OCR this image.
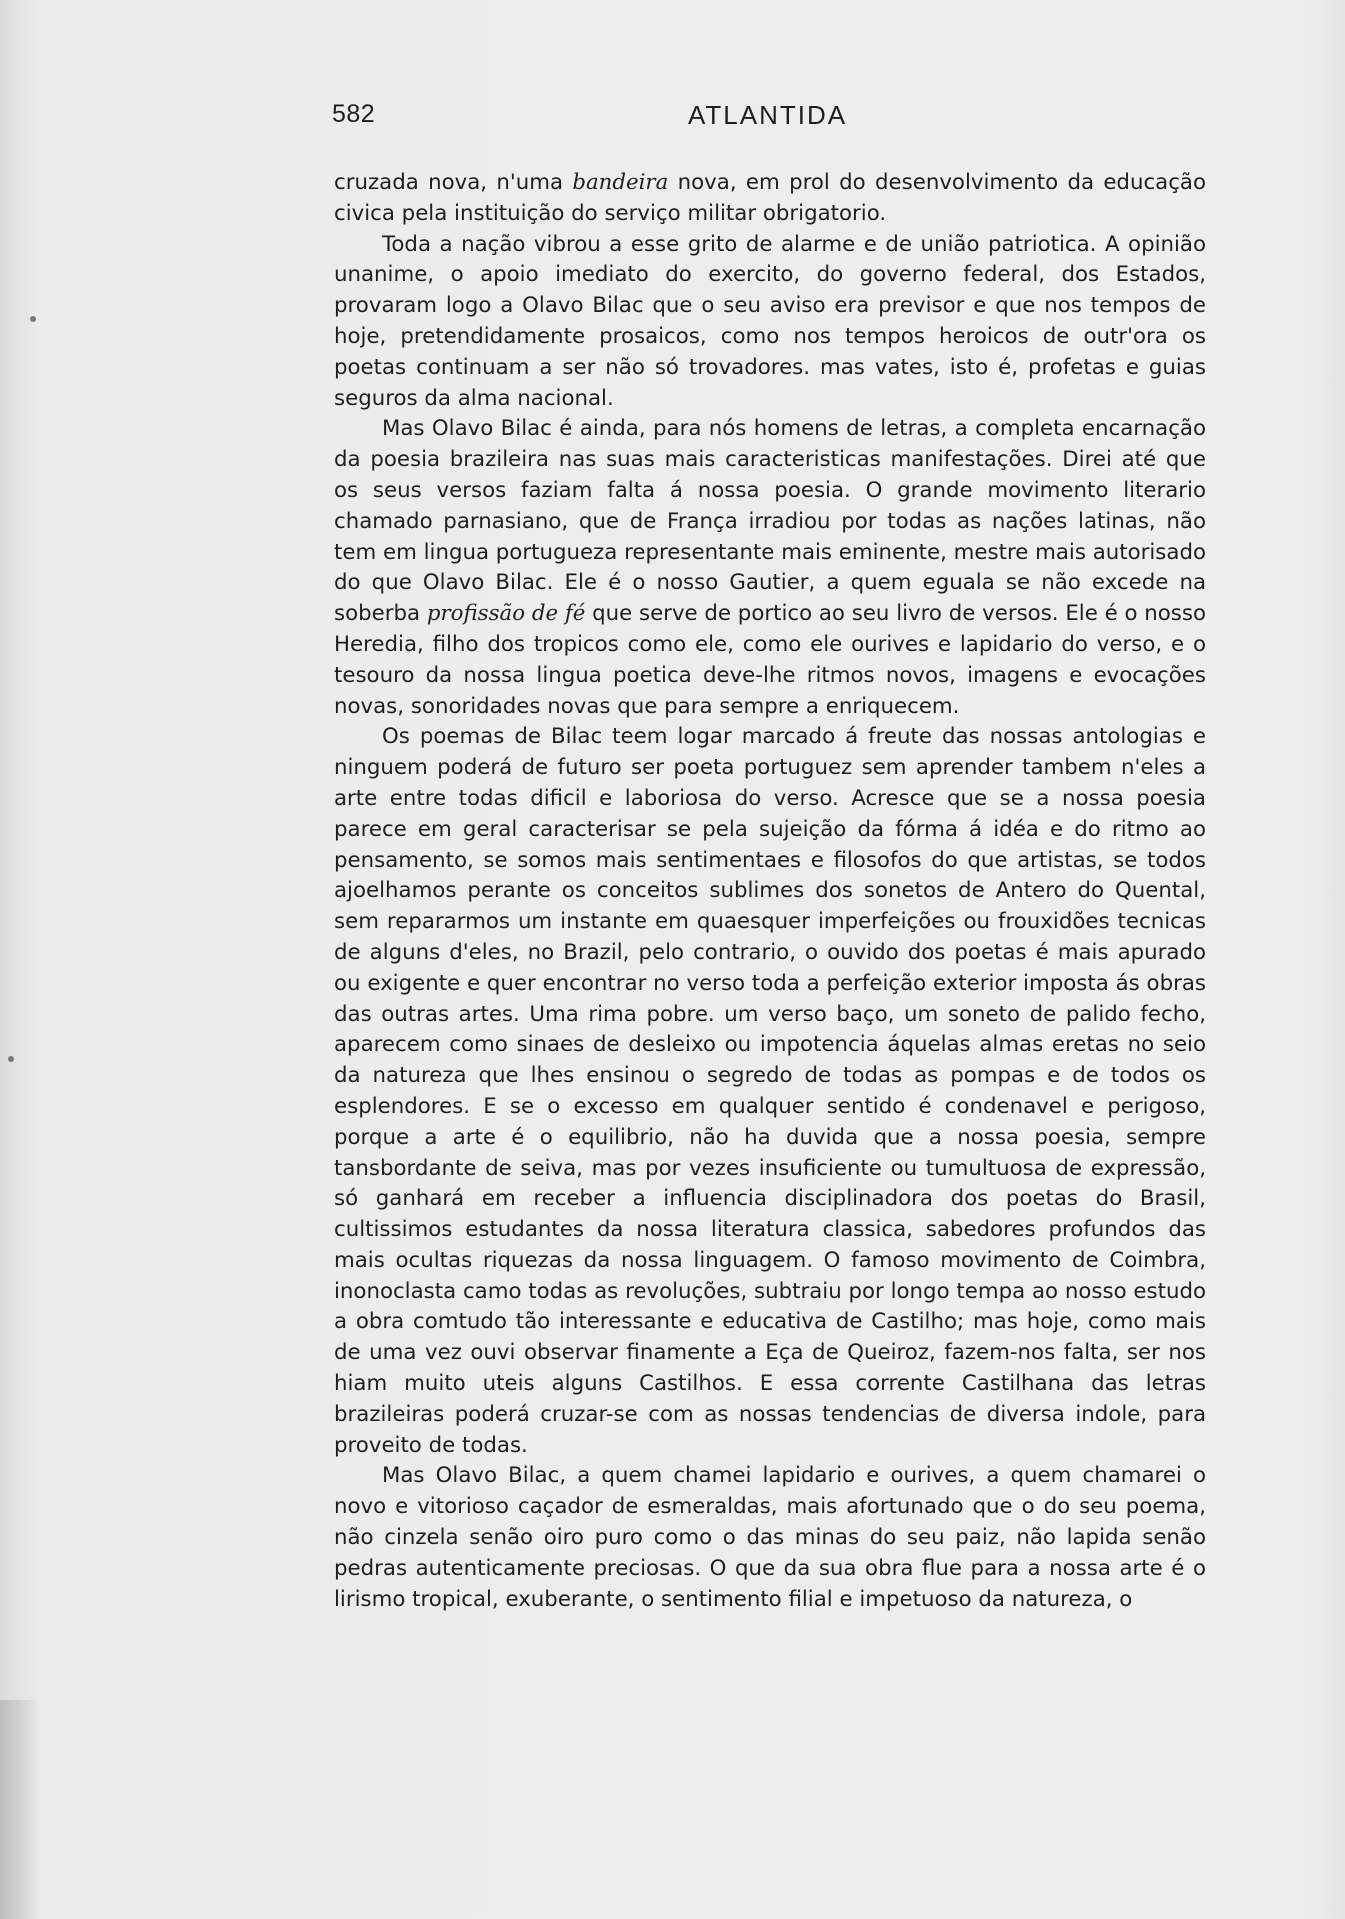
582	ATLANTIDA

cruzada nova, n'uma bandeira nova, em prol do desenvolvimento da educação civica pela instituição do serviço militar obrigatorio.

Toda a nação vibrou a esse grito de alarme e de união patriotica. A opinião unanime, o apoio imediato do exercito, do governo federal, dos Estados, provaram logo a Olavo Bilac que o seu aviso era previsor e que nos tempos de hoje, pretendidamente prosaicos, como nos tempos heroicos de outr'ora os poetas continuam a ser não só trovadores. mas vates, isto é, profetas e guias seguros da alma nacional.

Mas Olavo Bilac é ainda, para nós homens de letras, a completa encarnação da poesia brazileira nas suas mais caracteristicas manifestações. Direi até que os seus versos faziam falta á nossa poesia. O grande movimento literario chamado parnasiano, que de França irradiou por todas as nações latinas, não tem em lingua portugueza representante mais eminente, mestre mais autorisado do que Olavo Bilac. Ele é o nosso Gautier, a quem eguala se não excede na soberba profissão de fé que serve de portico ao seu livro de versos. Ele é o nosso Heredia, filho dos tropicos como ele, como ele ourives e lapidario do verso, e o tesouro da nossa lingua poetica deve-lhe ritmos novos, imagens e evocações novas, sonoridades novas que para sempre a enriquecem.

Os poemas de Bilac teem logar marcado á freute das nossas antologias e ninguem poderá de futuro ser poeta portuguez sem aprender tambem n'eles a arte entre todas dificil e laboriosa do verso. Acresce que se a nossa poesia parece em geral caracterisar se pela sujeição da fórma á idéa e do ritmo ao pensamento, se somos mais sentimentaes e filosofos do que artistas, se todos ajoelhamos perante os conceitos sublimes dos sonetos de Antero do Quental, sem repararmos um instante em quaesquer imperfeições ou frouxidões tecnicas de alguns d'eles, no Brazil, pelo contrario, o ouvido dos poetas é mais apurado ou exigente e quer encontrar no verso toda a perfeição exterior imposta ás obras das outras artes. Uma rima pobre. um verso baço, um soneto de palido fecho, aparecem como sinaes de desleixo ou impotencia áquelas almas eretas no seio da natureza que lhes ensinou o segredo de todas as pompas e de todos os esplendores. E se o excesso em qualquer sentido é condenavel e perigoso, porque a arte é o equilibrio, não ha duvida que a nossa poesia, sempre tansbordante de seiva, mas por vezes insuficiente ou tumultuosa de expressão, só ganhará em receber a influencia disciplinadora dos poetas do Brasil, cultissimos estudantes da nossa literatura classica, sabedores profundos das mais ocultas riquezas da nossa linguagem. O famoso movimento de Coimbra, inonoclasta camo todas as revoluções, subtraiu por longo tempa ao nosso estudo a obra comtudo tão interessante e educativa de Castilho; mas hoje, como mais de uma vez ouvi observar finamente a Eça de Queiroz, fazem-nos falta, ser nos hiam muito uteis alguns Castilhos. E essa corrente Castilhana das letras brazileiras poderá cruzar-se com as nossas tendencias de diversa indole, para proveito de todas.

Mas Olavo Bilac, a quem chamei lapidario e ourives, a quem chamarei o novo e vitorioso caçador de esmeraldas, mais afortunado que o do seu poema, não cinzela senão oiro puro como o das minas do seu paiz, não lapida senão pedras autenticamente preciosas. O que da sua obra flue para a nossa arte é o lirismo tropical, exuberante, o sentimento filial e impetuoso da natureza, o
